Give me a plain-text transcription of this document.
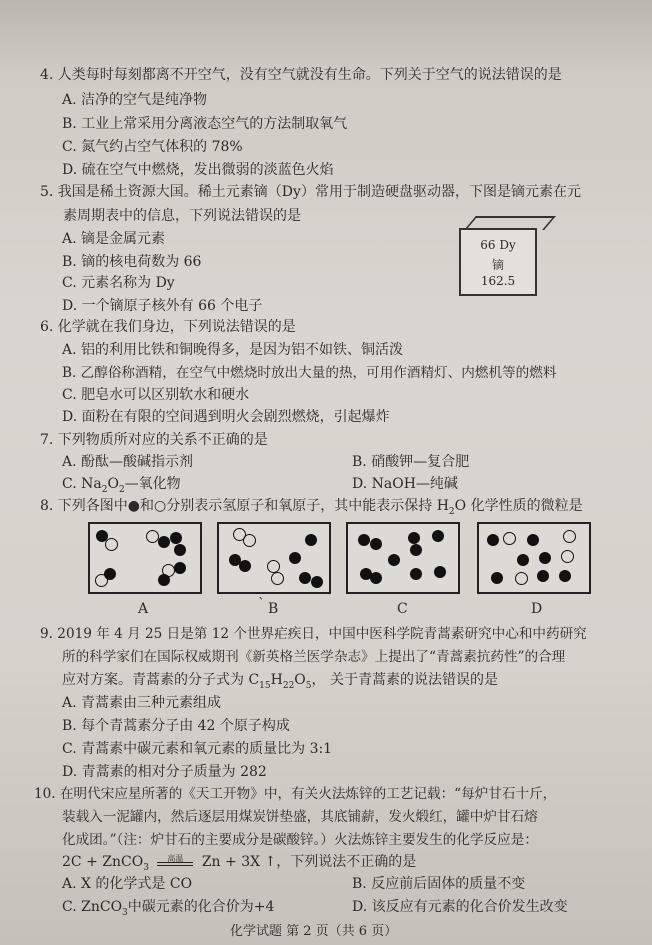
4. 人类每时每刻都离不开空气，没有空气就没有生命。下列关于空气的说法错误的是
A. 洁净的空气是纯净物
B. 工业上常采用分离液态空气的方法制取氧气
C. 氮气约占空气体积的 78%
D. 硫在空气中燃烧，发出微弱的淡蓝色火焰
5. 我国是稀土资源大国。稀土元素镝（Dy）常用于制造硬盘驱动器，下图是镝元素在元
素周期表中的信息，下列说法错误的是
A. 镝是金属元素
B. 镝的核电荷数为 66
C. 元素名称为 Dy
D. 一个镝原子核外有 66 个电子
66 Dy
镝
162.5
6. 化学就在我们身边，下列说法错误的是
A. 铝的利用比铁和铜晚得多，是因为铝不如铁、铜活泼
B. 乙醇俗称酒精，在空气中燃烧时放出大量的热，可用作酒精灯、内燃机等的燃料
C. 肥皂水可以区别软水和硬水
D. 面粉在有限的空间遇到明火会剧烈燃烧，引起爆炸
7. 下列物质所对应的关系不正确的是
A. 酚酞—酸碱指示剂	B. 硝酸钾—复合肥
C. $Na_2O_2—$氧化物	D. NaOH—纯碱
8. 下列各图中●和○分别表示氢原子和氧原子，其中能表示保持 $H_2O$ 化学性质的微粒是
A	` B	C	D
9. 2019 年 4 月 25 日是第 12 个世界疟疾日，中国中医科学院青蒿素研究中心和中药研究
所的科学家们在国际权威期刊《新英格兰医学杂志》上提出了“青蒿素抗药性”的合理
应对方案。青蒿素的分子式为 $C_{15}H_{22}O_5$， 关于青蒿素的说法错误的是
A. 青蒿素由三种元素组成
B. 每个青蒿素分子由 42 个原子构成
C. 青蒿素中碳元素和氧元素的质量比为 3:1
D. 青蒿素的相对分子质量为 282
10. 在明代宋应星所著的《天工开物》中，有关火法炼锌的工艺记载：“每炉甘石十斤，
装载入一泥罐内，然后逐层用煤炭饼垫盛，其底铺薪，发火煅红，罐中炉甘石熔
化成团。”（注：炉甘石的主要成分是碳酸锌。）火法炼锌主要发生的化学反应是：
2C + ZnCO$_3$
高温	Zn + 3X ↑，下列说法不正确的是
A. X 的化学式是 CO	B. 反应前后固体的质量不变
C. ZnCO$_3$中碳元素的化合价为+4	D. 该反应有元素的化合价发生改变
化学试题 第 2 页（共 6 页）
